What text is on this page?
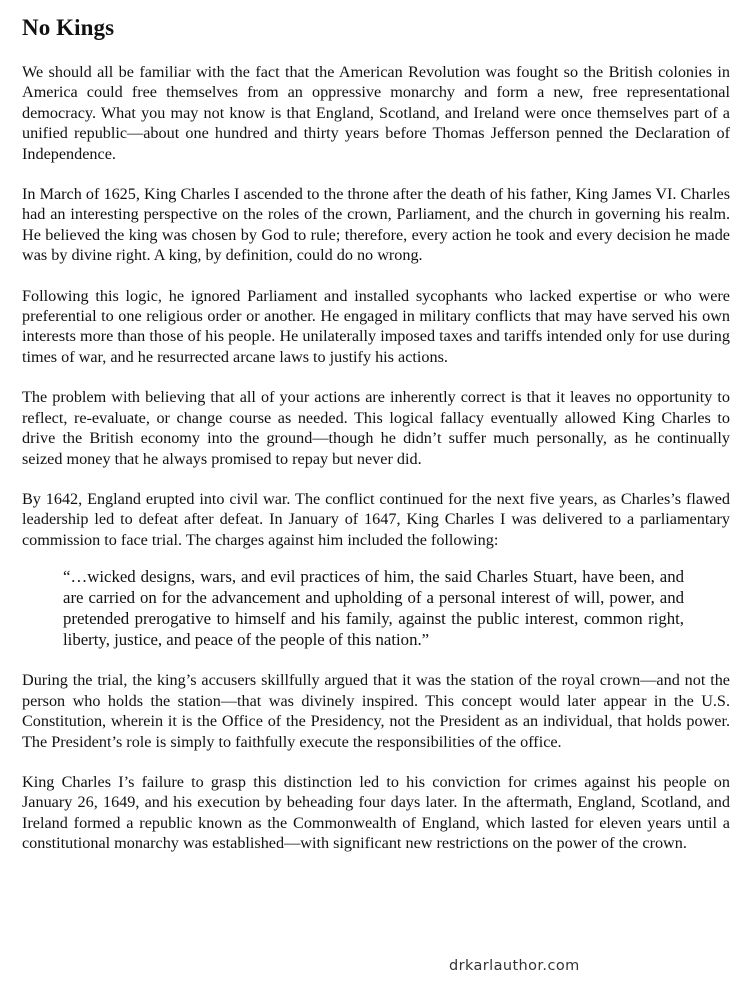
No Kings

We should all be familiar with the fact that the American Revolution was fought so the British colonies in America could free themselves from an oppressive monarchy and form a new, free representational democracy. What you may not know is that England, Scotland, and Ireland were once themselves part of a unified republic—about one hundred and thirty years before Thomas Jefferson penned the Declaration of Independence.

In March of 1625, King Charles I ascended to the throne after the death of his father, King James VI. Charles had an interesting perspective on the roles of the crown, Parliament, and the church in governing his realm. He believed the king was chosen by God to rule; therefore, every action he took and every decision he made was by divine right. A king, by definition, could do no wrong.

Following this logic, he ignored Parliament and installed sycophants who lacked expertise or who were preferential to one religious order or another. He engaged in military conflicts that may have served his own interests more than those of his people. He unilaterally imposed taxes and tariffs intended only for use during times of war, and he resurrected arcane laws to justify his actions.

The problem with believing that all of your actions are inherently correct is that it leaves no opportunity to reflect, re-evaluate, or change course as needed. This logical fallacy eventually allowed King Charles to drive the British economy into the ground—though he didn’t suffer much personally, as he continually seized money that he always promised to repay but never did.

By 1642, England erupted into civil war. The conflict continued for the next five years, as Charles’s flawed leadership led to defeat after defeat. In January of 1647, King Charles I was delivered to a parliamentary commission to face trial. The charges against him included the following:

“…wicked designs, wars, and evil practices of him, the said Charles Stuart, have been, and are carried on for the advancement and upholding of a personal interest of will, power, and pretended prerogative to himself and his family, against the public interest, common right, liberty, justice, and peace of the people of this nation.”

During the trial, the king’s accusers skillfully argued that it was the station of the royal crown—and not the person who holds the station—that was divinely inspired. This concept would later appear in the U.S. Constitution, wherein it is the Office of the Presidency, not the President as an individual, that holds power. The President’s role is simply to faithfully execute the responsibilities of the office.

King Charles I’s failure to grasp this distinction led to his conviction for crimes against his people on January 26, 1649, and his execution by beheading four days later. In the aftermath, England, Scotland, and Ireland formed a republic known as the Commonwealth of England, which lasted for eleven years until a constitutional monarchy was established—with significant new restrictions on the power of the crown.

drkarlauthor.com
